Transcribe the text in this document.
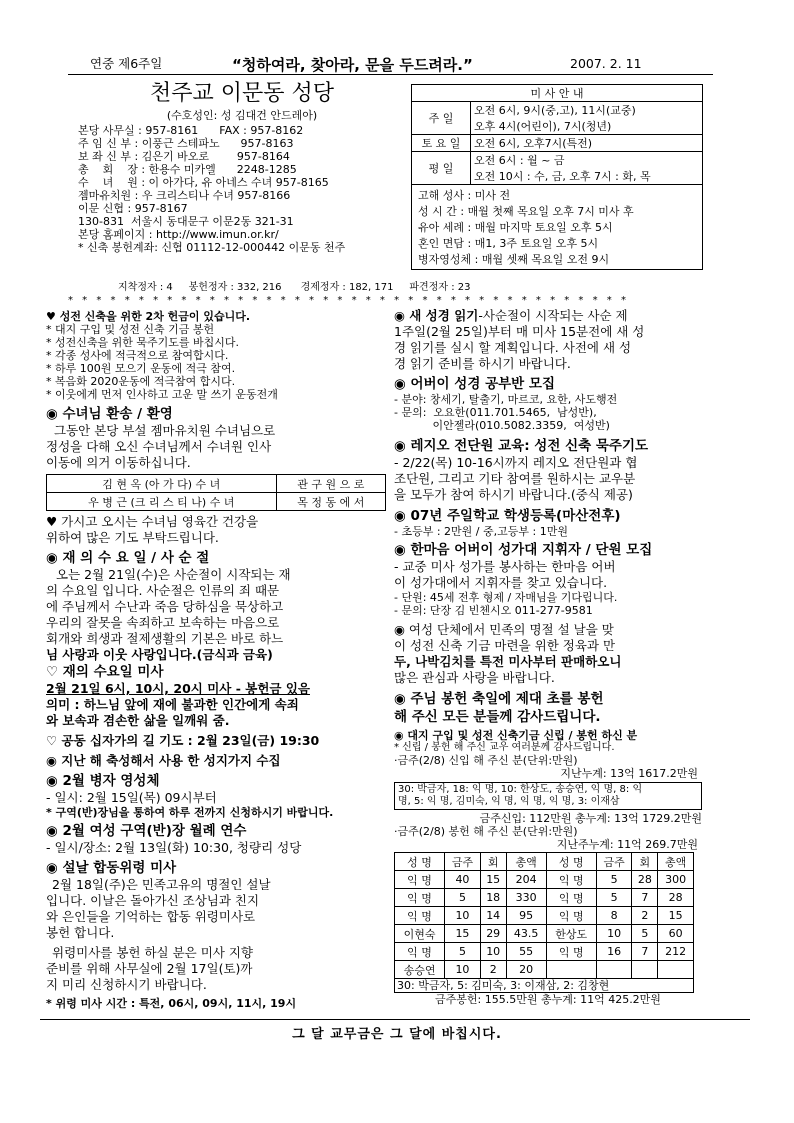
연중 제6주일	“청하여라, 찾아라, 문을 두드려라.”	2007. 2. 11
천주교 이문동 성당
(수호성인: 성 김대건 안드레아)
본당 사무실 : 957-8161      FAX : 957-8162
주 임 신 부 : 이풍근 스테파노      957-8163
보 좌 신 부 : 김은기 바오로        957-8164
총    회    장 : 한용수 미카엘      2248-1285
수    녀    원 : 이 아가다, 유 아네스 수녀 957-8165
젬마유치원 : 우 크리스티나 수녀 957-8166
이문 신협 : 957-8167
130-831  서울시 동대문구 이문2동 321-31
본당 홈페이지 : http://www.imun.or.kr/
* 신축 봉헌계좌: 신협 01112-12-000442 이문동 천주
미 사 안 내	
주 일	오전 6시, 9시(중,고), 11시(교중)
오후 4시(어린이), 7시(청년)

토 요 일	오전 6시, 오후7시(특전)
평 일	오전 6시 : 월 ~ 금
오전 10시 : 수, 금, 오후 7시 : 화, 목

고해 성사 : 미사 전
성 시 간 : 매월 첫째 목요일 오후 7시 미사 후
유아 세례 : 매월 마지막 토요일 오후 5시
혼인 면담 : 매1, 3주 토요일 오후 5시
병자영성체 : 매월 셋째 목요일 오전 9시	
지착정자 : 4     봉헌정자 : 332, 216      경제정자 : 182, 171     파견정자 : 23
* * * * * * * * * * * * * * * * * * * * * * * * * * * * * * * * * * * * * * * *
♥ 성전 신축을 위한 2차 헌금이 있습니다.
* 대지 구입 및 성전 신축 기금 봉헌
* 성전신축을 위한 묵주기도를 바칩시다.
* 각종 성사에 적극적으로 참여합시다.
* 하루 100원 모으기 운동에 적극 참여.
* 복음화 2020운동에 적극참여 합시다.
* 이웃에게 먼저 인사하고 고운 말 쓰기 운동전개
◉ 수녀님 환송 / 환영
그동안 본당 부설 젬마유치원 수녀님으로
정성을 다해 오신 수녀님께서 수녀원 인사
이동에 의거 이동하십니다.
김 현 옥 (아 가 다) 수 녀	관 구 원 으 로
우 병 근 (크 리 스 티 나) 수 녀	목 정 동 에 서
♥ 가시고 오시는 수녀님 영육간 건강을
위하여 많은 기도 부탁드립니다.
◉ 재 의 수 요 일 / 사 순 절
오는 2월 21일(수)은 사순절이 시작되는 재
의 수요일 입니다. 사순절은 인류의 죄 때문
에 주님께서 수난과 죽음 당하심을 묵상하고
우리의 잘못을 속죄하고 보속하는 마음으로
회개와 희생과 절제생활의 기본은 바로 하느
님 사랑과 이웃 사랑입니다.(금식과 금육)
♡ 재의 수요일 미사
2월 21일 6시, 10시, 20시 미사 - 봉헌금 있음
의미 : 하느님 앞에 재에 불과한 인간에게 속죄
와 보속과 겸손한 삶을 일깨워 줌.
♡ 공동 십자가의 길 기도 : 2월 23일(금) 19:30
◉ 지난 해 축성해서 사용 한 성지가지 수집
◉ 2월 병자 영성체
- 일시: 2월 15일(목) 09시부터
* 구역(반)장님을 통하여 하루 전까지 신청하시기 바랍니다.
◉ 2월 여성 구역(반)장 월례 연수
- 일시/장소: 2월 13일(화) 10:30, 청량리 성당
◉ 설날 합동위령 미사
2월 18일(주)은 민족고유의 명절인 설날
입니다. 이날은 돌아가신 조상님과 친지
와 은인들을 기억하는 합동 위령미사로
봉헌 합니다.
위령미사를 봉헌 하실 분은 미사 지향
준비를 위해 사무실에 2월 17일(토)까
지 미리 신청하시기 바랍니다.
* 위령 미사 시간 : 특전, 06시, 09시, 11시, 19시
◉ 새 성경 읽기-사순절이 시작되는 사순 제
1주일(2월 25일)부터 매 미사 15분전에 새 성
경 읽기를 실시 할 계획입니다. 사전에 새 성
경 읽기 준비를 하시기 바랍니다.
◉ 어버이 성경 공부반 모집
- 분야: 창세기, 탈출기, 마르코, 요한, 사도행전
- 문의:  오요한(011.701.5465,  남성반),
이안젤라(010.5082.3359,  여성반)
◉ 레지오 전단원 교육: 성전 신축 묵주기도
- 2/22(목) 10-16시까지 레지오 전단원과 협
조단원, 그리고 기타 참여를 원하시는 교우분
을 모두가 참여 하시기 바랍니다.(중식 제공)
◉ 07년 주일학교 학생등록(마산전후)
- 초등부 : 2만원 / 중,고등부 : 1만원
◉ 한마음 어버이 성가대 지휘자 / 단원 모집
- 교중 미사 성가를 봉사하는 한마음 어버
이 성가대에서 지휘자를 찾고 있습니다.
- 단원: 45세 전후 형제 / 자매님을 기다립니다.
- 문의: 단장 김 빈첸시오 011-277-9581
◉ 여성 단체에서 민족의 명절 설 날을 맞
이 성전 신축 기금 마련을 위한 정육과 만
두, 나박김치를 특전 미사부터 판매하오니
많은 관심과 사랑을 바랍니다.
◉ 주님 봉헌 축일에 제대 초를 봉헌
해 주신 모든 분들께 감사드립니다.
◉ 대지 구입 및 성전 신축기금 신립 / 봉헌 하신 분
* 신립 / 봉헌 해 주신 교우 여러분께 감사드립니다.
·금주(2/8) 신입 해 주신 분(단위:만원)
지난누계: 13억 1617.2만원
30: 박금자, 18: 익 명, 10: 한상도, 송승연, 익 명, 8: 익
명, 5: 익 명, 김미숙, 익 명, 익 명, 익 명, 3: 이재삼
금주신입: 112만원 총누계: 13억 1729.2만원
·금주(2/8) 봉헌 해 주신 분(단위:만원)
지난주누계: 11억 269.7만원
성 명	금주	회	총액	성 명	금주	회	총액
익 명	40	15	204	익 명	5	28	300
익 명	5	18	330	익 명	5	7	28
익 명	10	14	95	익 명	8	2	15
이현숙	15	29	43.5	한상도	10	5	60
익 명	5	10	55	익 명	16	7	212
송승연	10	2	20				
30: 박금자, 5: 김미숙, 3: 이재삼, 2: 김창현
금주봉헌: 155.5만원 총누계: 11억 425.2만원
그 달 교무금은 그 달에 바칩시다.
